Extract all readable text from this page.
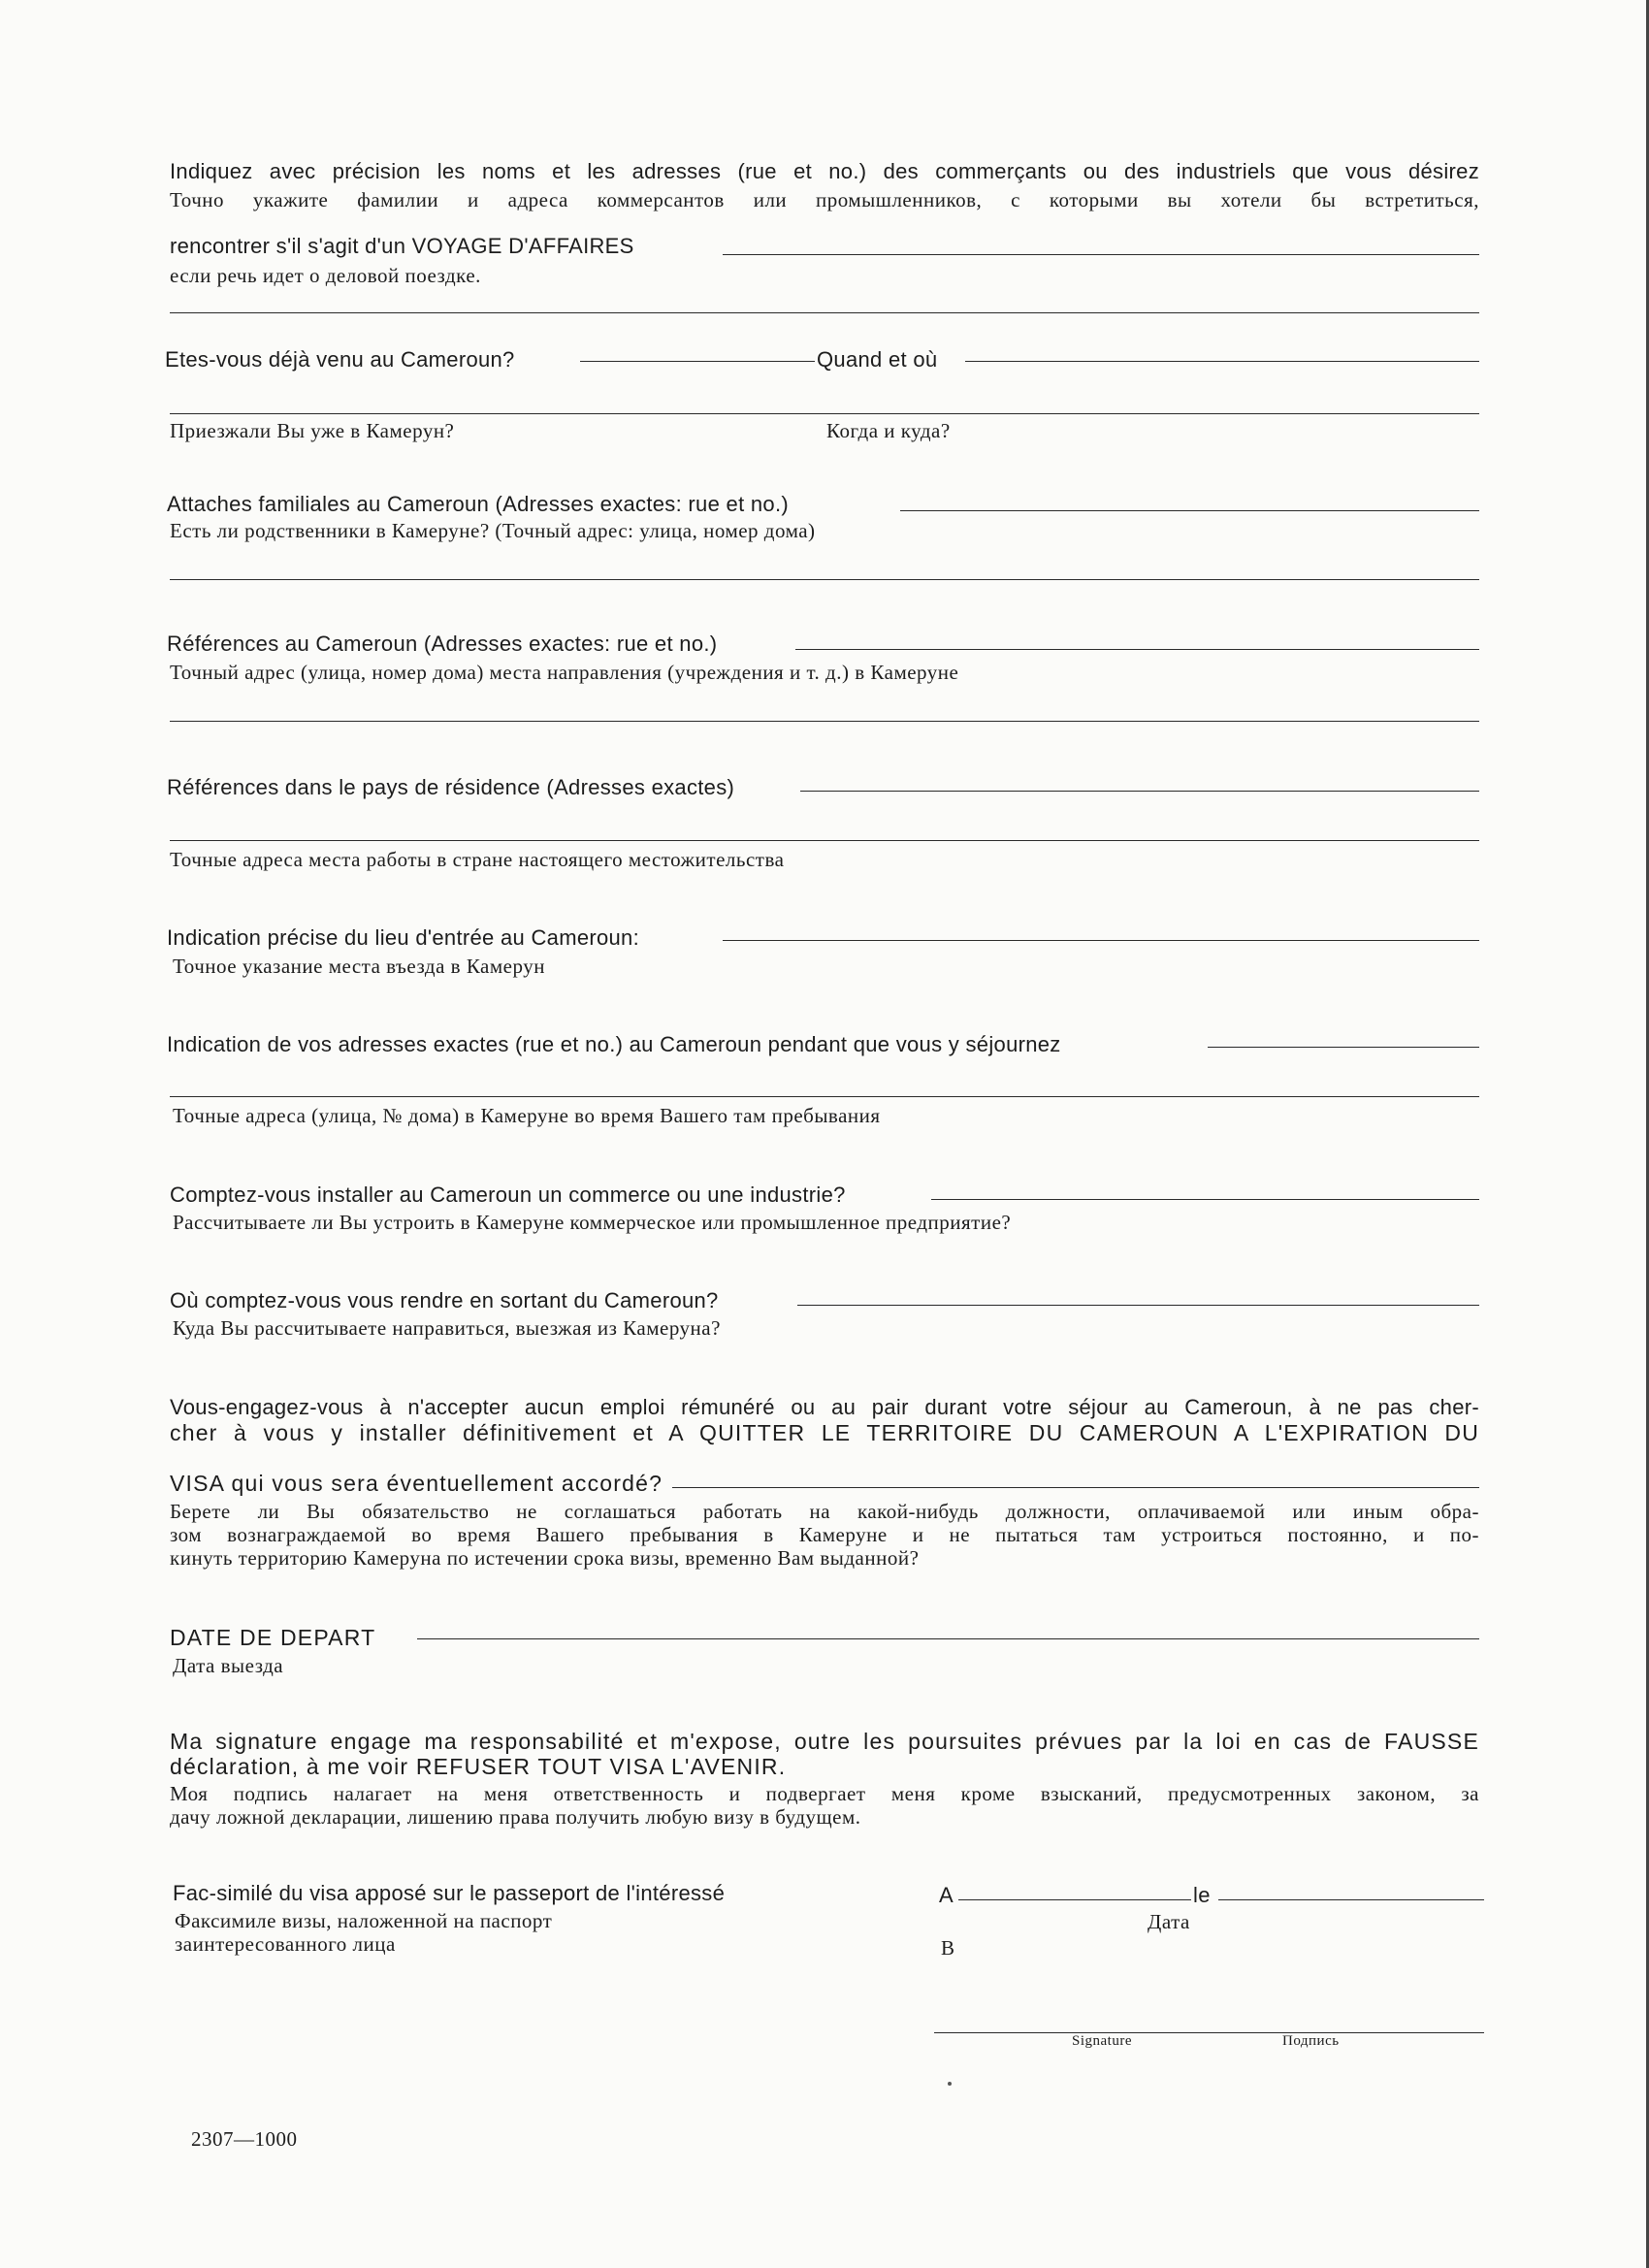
Indiquez avec précision les noms et les adresses (rue et no.) des commerçants ou des industriels que vous désirez
Точно укажите фамилии и адреса коммерсантов или промышленников, с которыми вы хотели бы встретиться,
rencontrer s'il s'agit d'un VOYAGE D'AFFAIRES
если речь идет о деловой поездке.
Etes-vous déjà venu au Cameroun?	Quand et où
Приезжали Вы уже в Камерун?	Когда и куда?
Attaches familiales au Cameroun (Adresses exactes: rue et no.)
Есть ли родственники в Камеруне? (Точный адрес: улица, номер дома)
Références au Cameroun (Adresses exactes: rue et no.)
Точный адрес (улица, номер дома) места направления (учреждения и т. д.) в Камеруне
Références dans le pays de résidence (Adresses exactes)
Точные адреса места работы в стране настоящего местожительства
Indication précise du lieu d'entrée au Cameroun:
Точное указание места въезда в Камерун
Indication de vos adresses exactes (rue et no.) au Cameroun pendant que vous y séjournez
Точные адреса (улица, № дома) в Камеруне во время Вашего там пребывания
Comptez-vous installer au Cameroun un commerce ou une industrie?
Рассчитываете ли Вы устроить в Камеруне коммерческое или промышленное предприятие?
Où comptez-vous vous rendre en sortant du Cameroun?
Куда Вы рассчитываете направиться, выезжая из Камеруна?
Vous-engagez-vous à n'accepter aucun emploi rémunéré ou au pair durant votre séjour au Cameroun, à ne pas cher-
cher à vous y installer définitivement et A QUITTER LE TERRITOIRE DU CAMEROUN A L'EXPIRATION DU
VISA qui vous sera éventuellement accordé?
Берете ли Вы обязательство не соглашаться работать на какой-нибудь должности, оплачиваемой или иным обра-
зом вознаграждаемой во время Вашего пребывания в Камеруне и не пытаться там устроиться постоянно, и по-
кинуть территорию Камеруна по истечении срока визы, временно Вам выданной?
DATE DE DEPART
Дата выезда
Ma signature engage ma responsabilité et m'expose, outre les poursuites prévues par la loi en cas de FAUSSE
déclaration, à me voir REFUSER TOUT VISA L'AVENIR.
Моя подпись налагает на меня ответственность и подвергает меня кроме взысканий, предусмотренных законом, за
дачу ложной декларации, лишению права получить любую визу в будущем.
Fac-similé du visa apposé sur le passeport de l'intéressé
Факсимиле визы, наложенной на паспорт
заинтересованного лица
A	le
Дата
В
Signature	Подпись
2307—1000
